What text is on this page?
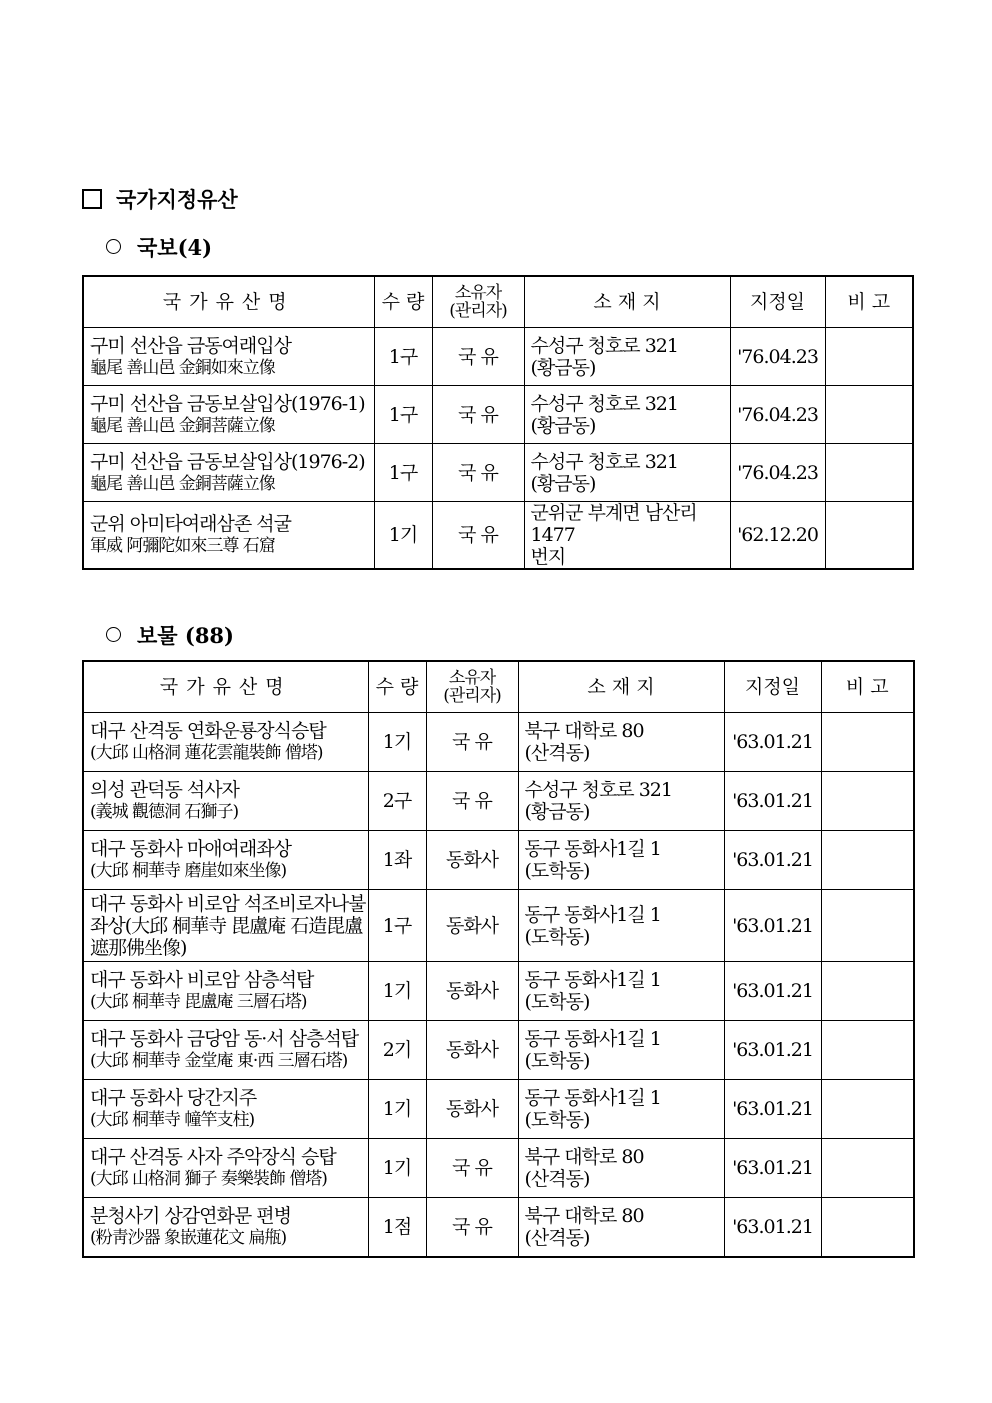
국가지정유산
국보(4)
국가유산명	수 량	소유자
(관리자)	소 재 지	지정일	비 고

구미 선산읍 금동여래입상
龜尾 善山邑 金銅如來立像	1구	국 유	수성구 청호로 321
(황금동)	'76.04.23	

구미 선산읍 금동보살입상(1976-1)
龜尾 善山邑 金銅菩薩立像	1구	국 유	수성구 청호로 321
(황금동)	'76.04.23	

구미 선산읍 금동보살입상(1976-2)
龜尾 善山邑 金銅菩薩立像	1구	국 유	수성구 청호로 321
(황금동)	'76.04.23	

군위 아미타여래삼존 석굴
軍威 阿彌陀如來三尊 石窟	1기	국 유	군위군 부계면 남산리 1477
번지	'62.12.20	
보물 (88)
국가유산명	수 량	소유자
(관리자)	소 재 지	지정일	비 고

대구 산격동 연화운룡장식승탑
(大邱 山格洞 蓮花雲龍裝飾 僧塔)	1기	국 유	북구 대학로 80
(산격동)	'63.01.21	

의성 관덕동 석사자
(義城 觀德洞 石獅子)	2구	국 유	수성구 청호로 321
(황금동)	'63.01.21	

대구 동화사 마애여래좌상
(大邱 桐華寺 磨崖如來坐像)	1좌	동화사	동구 동화사1길 1
(도학동)	'63.01.21	

대구 동화사 비로암 석조비로자나불좌상(大邱 桐華寺 毘盧庵 石造毘盧遮那佛坐像)	1구	동화사	동구 동화사1길 1
(도학동)	'63.01.21	

대구 동화사 비로암 삼층석탑
(大邱 桐華寺 毘盧庵 三層石塔)	1기	동화사	동구 동화사1길 1
(도학동)	'63.01.21	

대구 동화사 금당암 동·서 삼층석탑
(大邱 桐華寺 金堂庵 東·西 三層石塔)	2기	동화사	동구 동화사1길 1
(도학동)	'63.01.21	

대구 동화사 당간지주
(大邱 桐華寺 幢竿支柱)	1기	동화사	동구 동화사1길 1
(도학동)	'63.01.21	

대구 산격동 사자 주악장식 승탑
(大邱 山格洞 獅子 奏樂裝飾 僧塔)	1기	국 유	북구 대학로 80
(산격동)	'63.01.21	

분청사기 상감연화문 편병
(粉靑沙器 象嵌蓮花文 扁甁)	1점	국 유	북구 대학로 80
(산격동)	'63.01.21	
